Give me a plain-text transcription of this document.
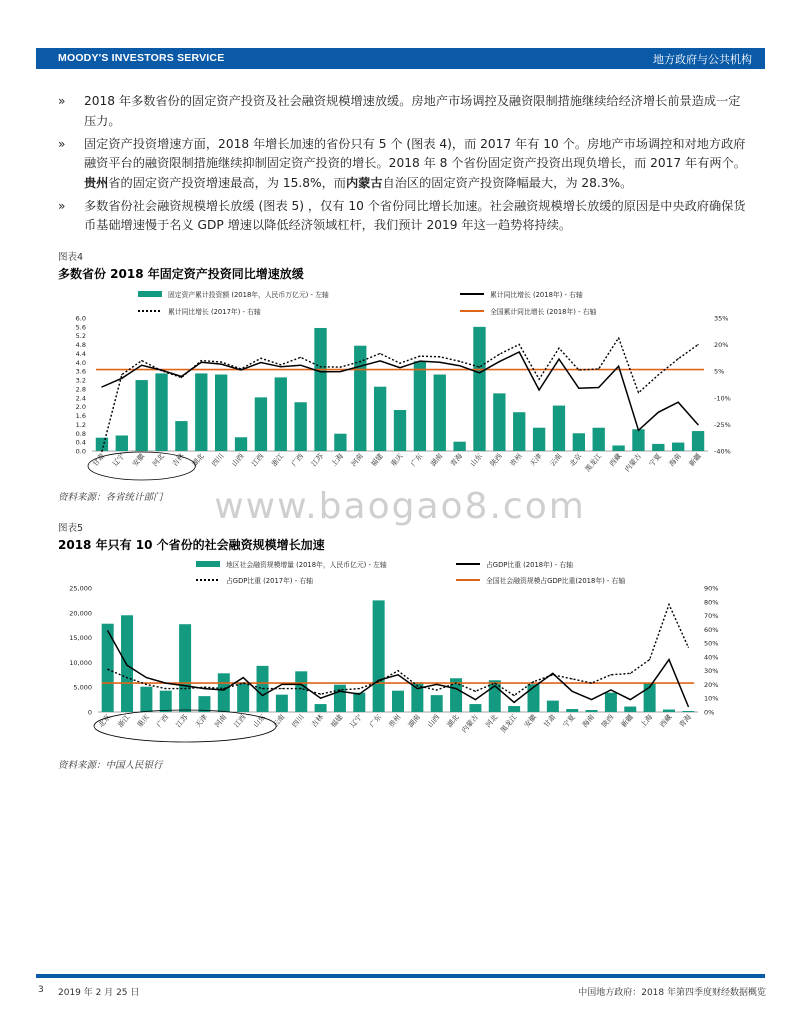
MOODY'S INVESTORS SERVICE	地方政府与公共机构
» 2018 年多数省份的固定资产投资及社会融资规模增速放缓。房地产市场调控及融资限制措施继续给经济增长前景造成一定压力。
» 固定资产投资增速方面，2018 年增长加速的省份只有 5 个 (图表 4)，而 2017 年有 10 个。房地产市场调控和对地方政府融资平台的融资限制措施继续抑制固定资产投资的增长。2018 年 8 个省份固定资产投资出现负增长，而 2017 年有两个。贵州省的固定资产投资增速最高，为 15.8%，而内蒙古自治区的固定资产投资降幅最大，为 28.3%。
» 多数省份社会融资规模增长放缓 (图表 5) ，仅有 10 个省份同比增长加速。社会融资规模增长放缓的原因是中央政府确保货币基础增速慢于名义 GDP 增速以降低经济领域杠杆，我们预计 2019 年这一趋势将持续。
图表4
多数省份 2018 年固定资产投资同比增速放缓
固定资产累计投资额 (2018年，人民币万亿元) - 左轴	累计同比增长 (2018年) - 右轴
累计同比增长 (2017年) - 右轴	全国累计同比增长 (2018年) - 右轴
0.0
0.4
0.8
1.2
1.6
2.0
2.4
2.8
3.2
3.6
4.0
4.4
4.8
5.2
5.6
6.0
-40%
-25%
-10%
5%
20%
35%
甘肃 辽宁 安徽 河北 吉林 湖北 四川 山西 江西 浙江 广西 江苏 上海 河南 福建 重庆 广东 湖南 青海 山东 陕西 贵州 天津 云南 北京 黑龙江 西藏 内蒙古 宁夏 海南 新疆
资料来源：各省统计部门	www.baogao8.com
图表5
2018 年只有 10 个省份的社会融资规模增长加速
地区社会融资规模增量 (2018年，人民币亿元) - 左轴	占GDP比重 (2018年) - 右轴
占GDP比重 (2017年) - 右轴	全国社会融资规模占GDP比重(2018年) - 右轴
0
5,000
10,000
15,000
20,000
25,000
0%
10%
20%
30%
40%
50%
60%
70%
80%
90%
北京 浙江 重庆 广西 江苏 天津 河南 江西 山东 云南 四川 吉林 福建 辽宁 广东 贵州 湖南 山西 湖北 内蒙古 河北 黑龙江 安徽 甘肃 宁夏 海南 陕西 新疆 上海 西藏 青海
资料来源：中国人民银行
3 2019 年 2 月 25 日	中国地方政府：2018 年第四季度财经数据概览
